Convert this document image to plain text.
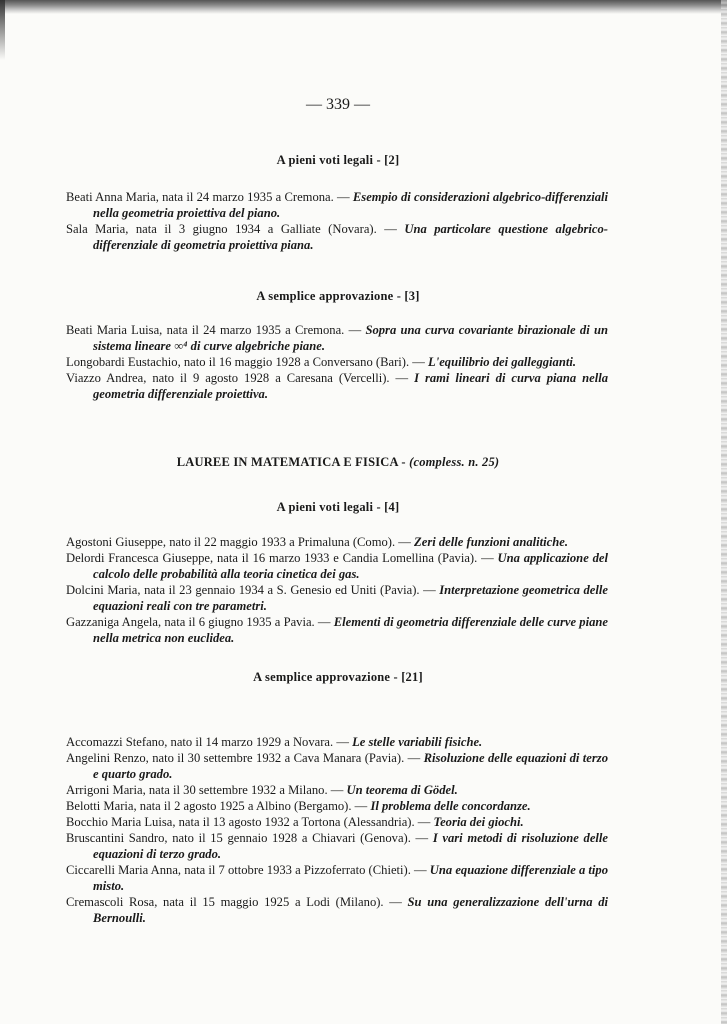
— 339 —
A pieni voti legali - [2]
Beati Anna Maria, nata il 24 marzo 1935 a Cremona. — Esempio di considerazioni algebrico-differenziali nella geometria proiettiva del piano.
Sala Maria, nata il 3 giugno 1934 a Galliate (Novara). — Una particolare questione algebrico-differenziale di geometria proiettiva piana.
A semplice approvazione - [3]
Beati Maria Luisa, nata il 24 marzo 1935 a Cremona. — Sopra una curva covariante birazionale di un sistema lineare ∞⁴ di curve algebriche piane.
Longobardi Eustachio, nato il 16 maggio 1928 a Conversano (Bari). — L'equilibrio dei galleggianti.
Viazzo Andrea, nato il 9 agosto 1928 a Caresana (Vercelli). — I rami lineari di curva piana nella geometria differenziale proiettiva.
LAUREE IN MATEMATICA E FISICA - (compless. n. 25)
A pieni voti legali - [4]
Agostoni Giuseppe, nato il 22 maggio 1933 a Primaluna (Como). — Zeri delle funzioni analitiche.
Delordi Francesca Giuseppe, nata il 16 marzo 1933 e Candia Lomellina (Pavia). — Una applicazione del calcolo delle probabilità alla teoria cinetica dei gas.
Dolcini Maria, nata il 23 gennaio 1934 a S. Genesio ed Uniti (Pavia). — Interpretazione geometrica delle equazioni reali con tre parametri.
Gazzaniga Angela, nata il 6 giugno 1935 a Pavia. — Elementi di geometria differenziale delle curve piane nella metrica non euclidea.
A semplice approvazione - [21]
Accomazzi Stefano, nato il 14 marzo 1929 a Novara. — Le stelle variabili fisiche.
Angelini Renzo, nato il 30 settembre 1932 a Cava Manara (Pavia). — Risoluzione delle equazioni di terzo e quarto grado.
Arrigoni Maria, nata il 30 settembre 1932 a Milano. — Un teorema di Gödel.
Belotti Maria, nata il 2 agosto 1925 a Albino (Bergamo). — Il problema delle concordanze.
Bocchio Maria Luisa, nata il 13 agosto 1932 a Tortona (Alessandria). — Teoria dei giochi.
Bruscantini Sandro, nato il 15 gennaio 1928 a Chiavari (Genova). — I vari metodi di risoluzione delle equazioni di terzo grado.
Ciccarelli Maria Anna, nata il 7 ottobre 1933 a Pizzoferrato (Chieti). — Una equazione differenziale a tipo misto.
Cremascoli Rosa, nata il 15 maggio 1925 a Lodi (Milano). — Su una generalizzazione dell'urna di Bernoulli.
